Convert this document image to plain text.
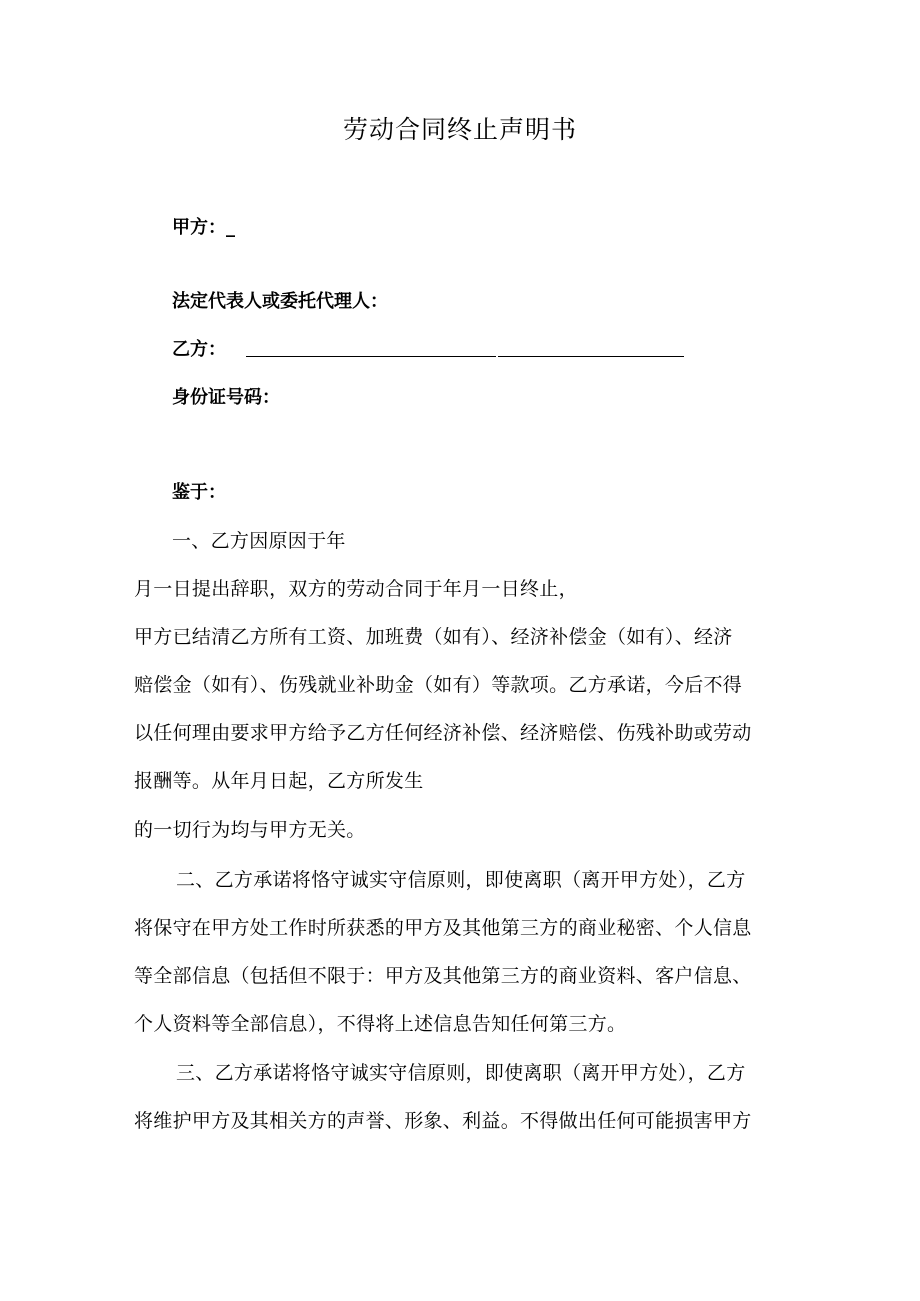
劳动合同终止声明书
甲方：_
法定代表人或委托代理人：
乙方：
身份证号码：
鉴于：
一、乙方因原因于年
月一日提出辞职，双方的劳动合同于年月一日终止，
甲方已结清乙方所有工资、加班费（如有）、经济补偿金（如有）、经济
赔偿金（如有）、伤残就业补助金（如有）等款项。乙方承诺，今后不得
以任何理由要求甲方给予乙方任何经济补偿、经济赔偿、伤残补助或劳动
报酬等。从年月日起，乙方所发生
的一切行为均与甲方无关。
二、乙方承诺将恪守诚实守信原则，即使离职（离开甲方处），乙方
将保守在甲方处工作时所获悉的甲方及其他第三方的商业秘密、个人信息
等全部信息（包括但不限于：甲方及其他第三方的商业资料、客户信息、
个人资料等全部信息），不得将上述信息告知任何第三方。
三、乙方承诺将恪守诚实守信原则，即使离职（离开甲方处），乙方
将维护甲方及其相关方的声誉、形象、利益。不得做出任何可能损害甲方
